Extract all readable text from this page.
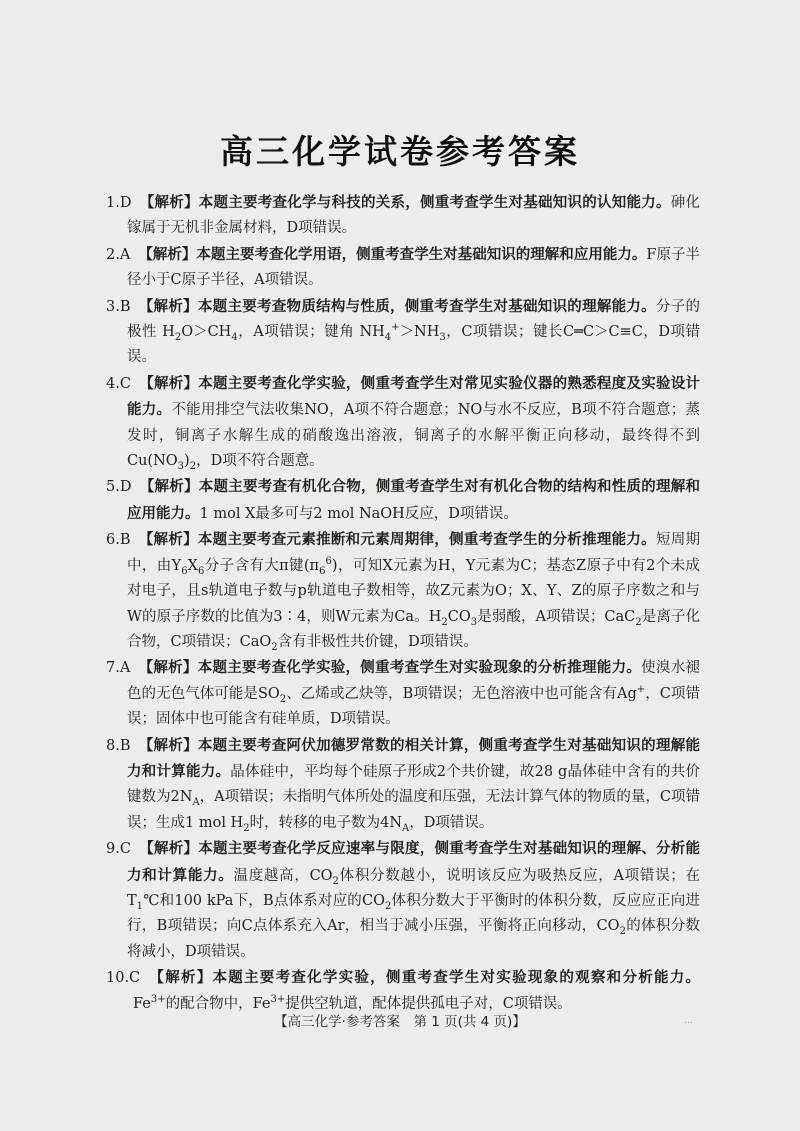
高三化学试卷参考答案
1.D 【解析】本题主要考查化学与科技的关系，侧重考查学生对基础知识的认知能力。砷化镓属于无机非金属材料，D项错误。
2.A 【解析】本题主要考查化学用语，侧重考查学生对基础知识的理解和应用能力。F原子半径小于C原子半径，A项错误。
3.B 【解析】本题主要考查物质结构与性质，侧重考查学生对基础知识的理解能力。分子的极性 $H_2O>CH_4$，A项错误；键角 $NH_4^+>NH_3$，C项错误；键长C═C＞C≡C，D项错误。
4.C 【解析】本题主要考查化学实验，侧重考查学生对常见实验仪器的熟悉程度及实验设计能力。不能用排空气法收集NO，A项不符合题意；NO与水不反应，B项不符合题意；蒸发时，铜离子水解生成的硝酸逸出溶液，铜离子的水解平衡正向移动，最终得不到$Cu(NO_3)_2$，D项不符合题意。
5.D 【解析】本题主要考查有机化合物，侧重考查学生对有机化合物的结构和性质的理解和应用能力。1 mol X最多可与2 mol NaOH反应，D项错误。
6.B 【解析】本题主要考查元素推断和元素周期律，侧重考查学生的分析推理能力。短周期中，由$Y_6X_6$分子含有大π键$(\pi_6^6)$，可知X元素为H，Y元素为C；基态Z原子中有2个未成对电子，且s轨道电子数与p轨道电子数相等，故Z元素为O；X、Y、Z的原子序数之和与W的原子序数的比值为3∶4，则W元素为Ca。$H_2CO_3$是弱酸，A项错误；CaC$_2$是离子化合物，C项错误；CaO$_2$含有非极性共价键，D项错误。
7.A 【解析】本题主要考查化学实验，侧重考查学生对实验现象的分析推理能力。使溴水褪色的无色气体可能是$SO_2$、乙烯或乙炔等，B项错误；无色溶液中也可能含有Ag+，C项错误；固体中也可能含有硅单质，D项错误。
8.B 【解析】本题主要考查阿伏加德罗常数的相关计算，侧重考查学生对基础知识的理解能力和计算能力。晶体硅中，平均每个硅原子形成2个共价键，故28 g晶体硅中含有的共价键数为$2N_A$，A项错误；未指明气体所处的温度和压强，无法计算气体的物质的量，C项错误；生成1 mol $H_2$时，转移的电子数为$4N_A$，D项错误。
9.C 【解析】本题主要考查化学反应速率与限度，侧重考查学生对基础知识的理解、分析能力和计算能力。温度越高，$CO_2$体积分数越小，说明该反应为吸热反应，A项错误；在$T_1℃$和100 kPa下，B点体系对应的$CO_2$体积分数大于平衡时的体积分数，反应应正向进行，B项错误；向C点体系充入Ar，相当于减小压强，平衡将正向移动，$CO_2$的体积分数将减小，D项错误。
10.C 【解析】本题主要考查化学实验，侧重考查学生对实验现象的观察和分析能力。$Fe^{3+}$的配合物中，$Fe^{3+}$提供空轨道，配体提供孤电子对，C项错误。
【高三化学·参考答案　第 1 页(共 4 页)】	…
